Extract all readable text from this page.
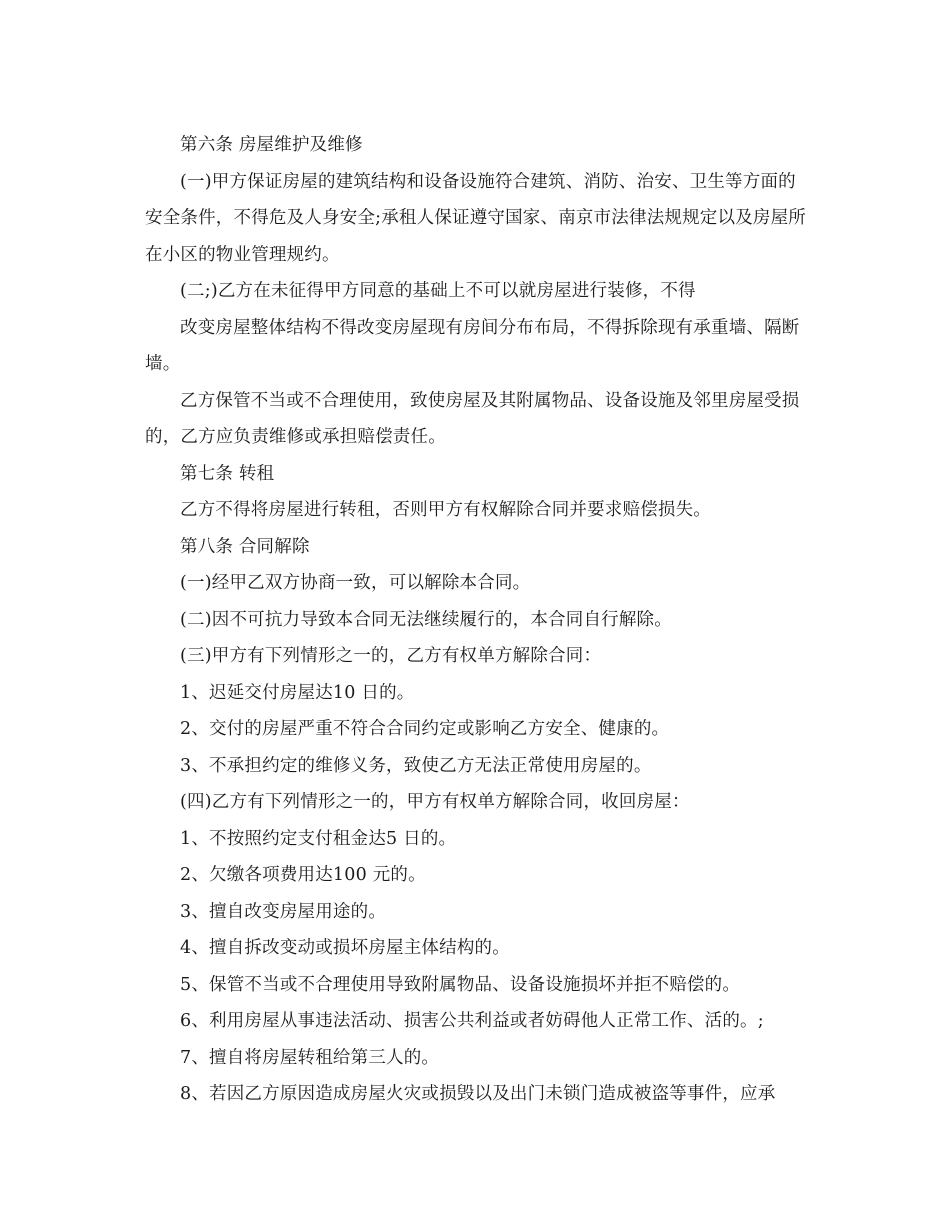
第六条 房屋维护及维修

(一)甲方保证房屋的建筑结构和设备设施符合建筑、消防、治安、卫生等方面的安全条件，不得危及人身安全;承租人保证遵守国家、南京市法律法规规定以及房屋所在小区的物业管理规约。

(二;)乙方在未征得甲方同意的基础上不可以就房屋进行装修，不得

改变房屋整体结构不得改变房屋现有房间分布布局，不得拆除现有承重墙、隔断墙。

乙方保管不当或不合理使用，致使房屋及其附属物品、设备设施及邻里房屋受损的，乙方应负责维修或承担赔偿责任。

第七条 转租

乙方不得将房屋进行转租，否则甲方有权解除合同并要求赔偿损失。

第八条 合同解除

(一)经甲乙双方协商一致，可以解除本合同。

(二)因不可抗力导致本合同无法继续履行的，本合同自行解除。

(三)甲方有下列情形之一的，乙方有权单方解除合同：

1、迟延交付房屋达10 日的。

2、交付的房屋严重不符合合同约定或影响乙方安全、健康的。

3、不承担约定的维修义务，致使乙方无法正常使用房屋的。

(四)乙方有下列情形之一的，甲方有权单方解除合同，收回房屋：

1、不按照约定支付租金达5 日的。

2、欠缴各项费用达100 元的。

3、擅自改变房屋用途的。

4、擅自拆改变动或损坏房屋主体结构的。

5、保管不当或不合理使用导致附属物品、设备设施损坏并拒不赔偿的。

6、利用房屋从事违法活动、损害公共利益或者妨碍他人正常工作、活的。;

7、擅自将房屋转租给第三人的。

8、若因乙方原因造成房屋火灾或损毁以及出门未锁门造成被盗等事件，应承
